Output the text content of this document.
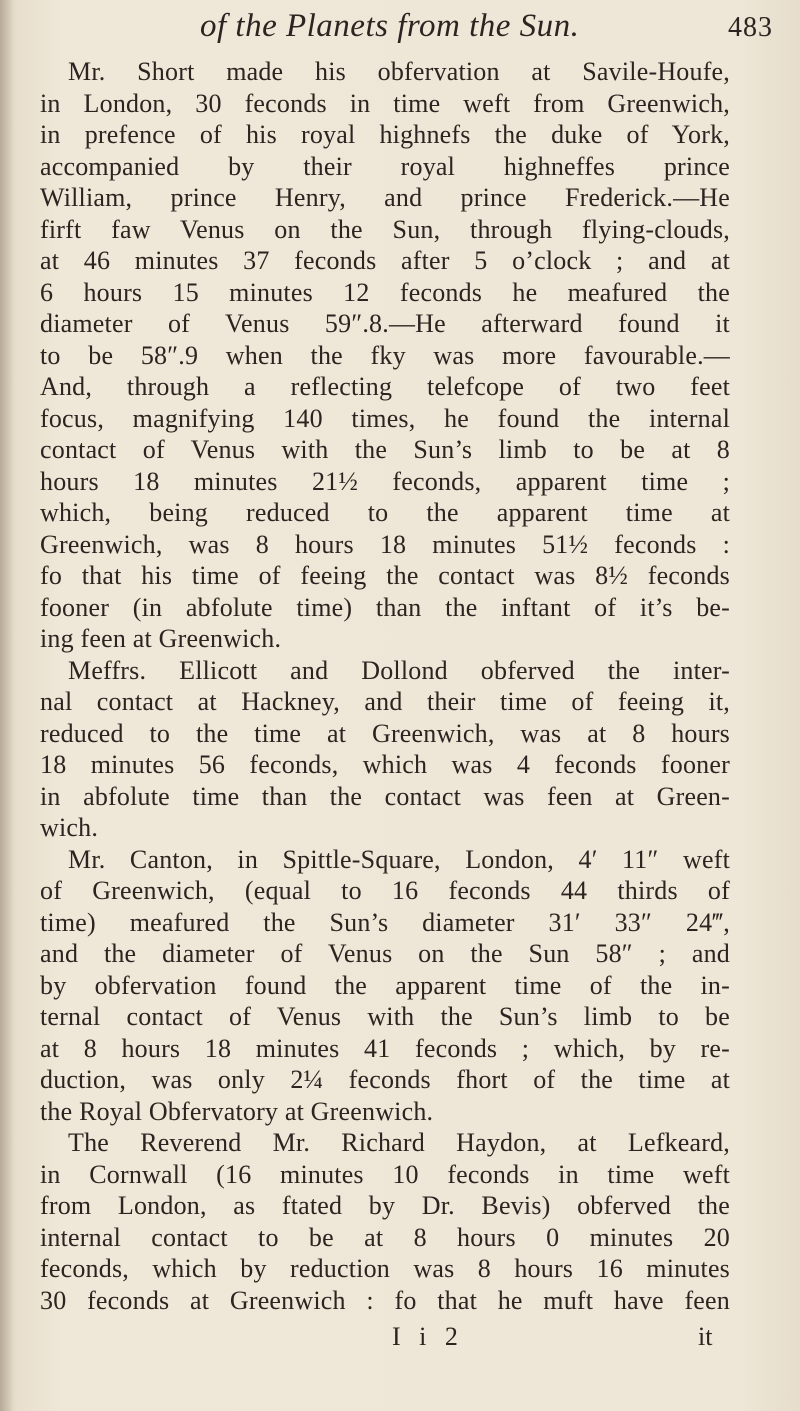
of the Planets from the Sun.	483
Mr. Short made his obfervation at Savile-Houfe,
in London, 30 feconds in time weft from Greenwich,
in prefence of his royal highnefs the duke of York,
accompanied by their royal highneffes prince
William, prince Henry, and prince Frederick.—He
firft faw Venus on the Sun, through flying-clouds,
at 46 minutes 37 feconds after 5 o’clock ; and at
6 hours 15 minutes 12 feconds he meafured the
diameter of Venus 59″.8.—He afterward found it
to be 58″.9 when the fky was more favourable.—
And, through a reflecting telefcope of two feet
focus, magnifying 140 times, he found the internal
contact of Venus with the Sun’s limb to be at 8
hours 18 minutes 21½ feconds, apparent time ;
which, being reduced to the apparent time at
Greenwich, was 8 hours 18 minutes 51½ feconds :
fo that his time of feeing the contact was 8½ feconds
fooner (in abfolute time) than the inftant of it’s be-
ing feen at Greenwich.
Meffrs. Ellicott and Dollond obferved the inter-
nal contact at Hackney, and their time of feeing it,
reduced to the time at Greenwich, was at 8 hours
18 minutes 56 feconds, which was 4 feconds fooner
in abfolute time than the contact was feen at Green-
wich.
Mr. Canton, in Spittle-Square, London, 4′ 11″ weft
of Greenwich, (equal to 16 feconds 44 thirds of
time) meafured the Sun’s diameter 31′ 33″ 24‴,
and the diameter of Venus on the Sun 58″ ; and
by obfervation found the apparent time of the in-
ternal contact of Venus with the Sun’s limb to be
at 8 hours 18 minutes 41 feconds ; which, by re-
duction, was only 2¼ feconds fhort of the time at
the Royal Obfervatory at Greenwich.
The Reverend Mr. Richard Haydon, at Lefkeard,
in Cornwall (16 minutes 10 feconds in time weft
from London, as ftated by Dr. Bevis) obferved the
internal contact to be at 8 hours 0 minutes 20
feconds, which by reduction was 8 hours 16 minutes
30 feconds at Greenwich : fo that he muft have feen
I i 2	it
